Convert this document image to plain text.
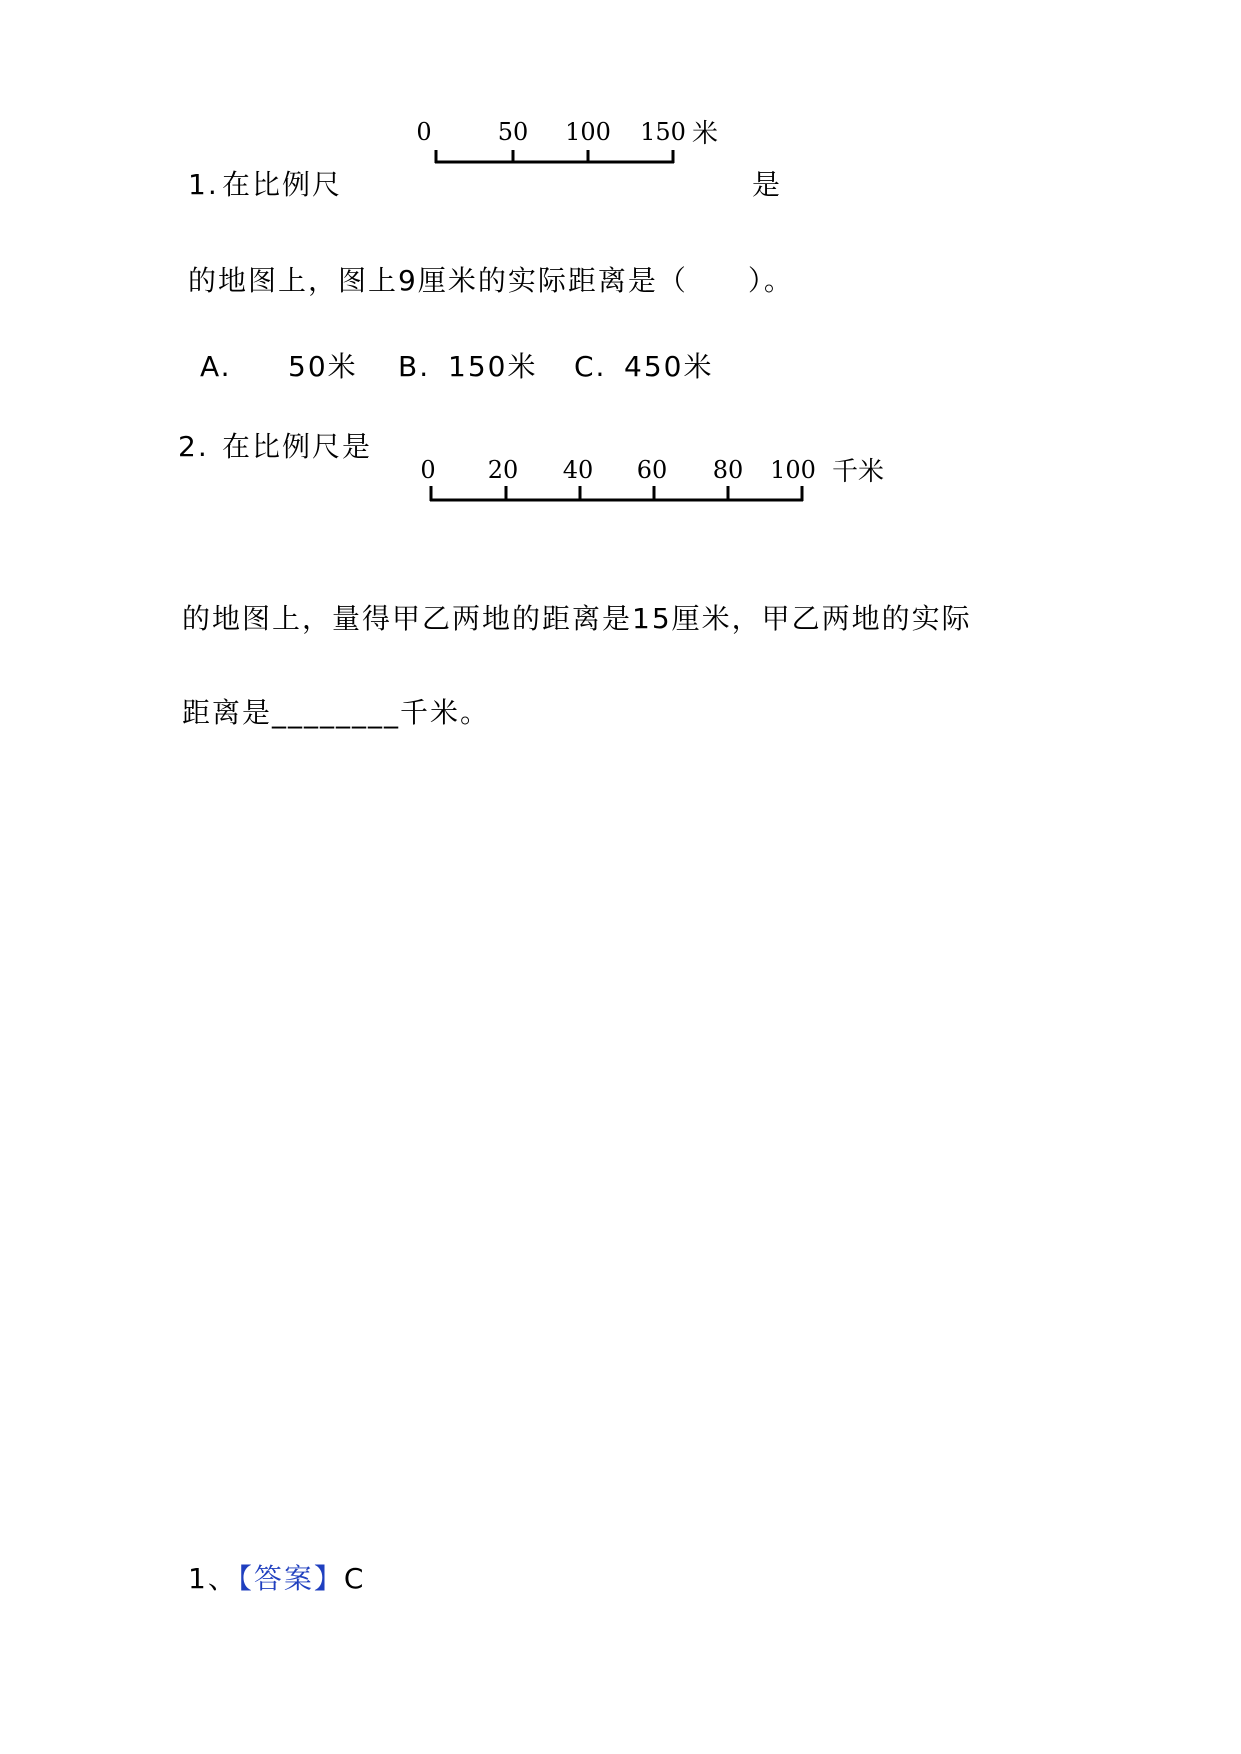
1. 在比例尺
0	50 100 150 米
是
的地图上，图上9厘米的实际距离是（　　）。
A. 50米 B. 150米 C. 450米
2. 在比例尺是
0 20 40 60 80 100 千米
的地图上，量得甲乙两地的距离是15厘米，甲乙两地的实际
距离是________千米。
1、【答案】C
